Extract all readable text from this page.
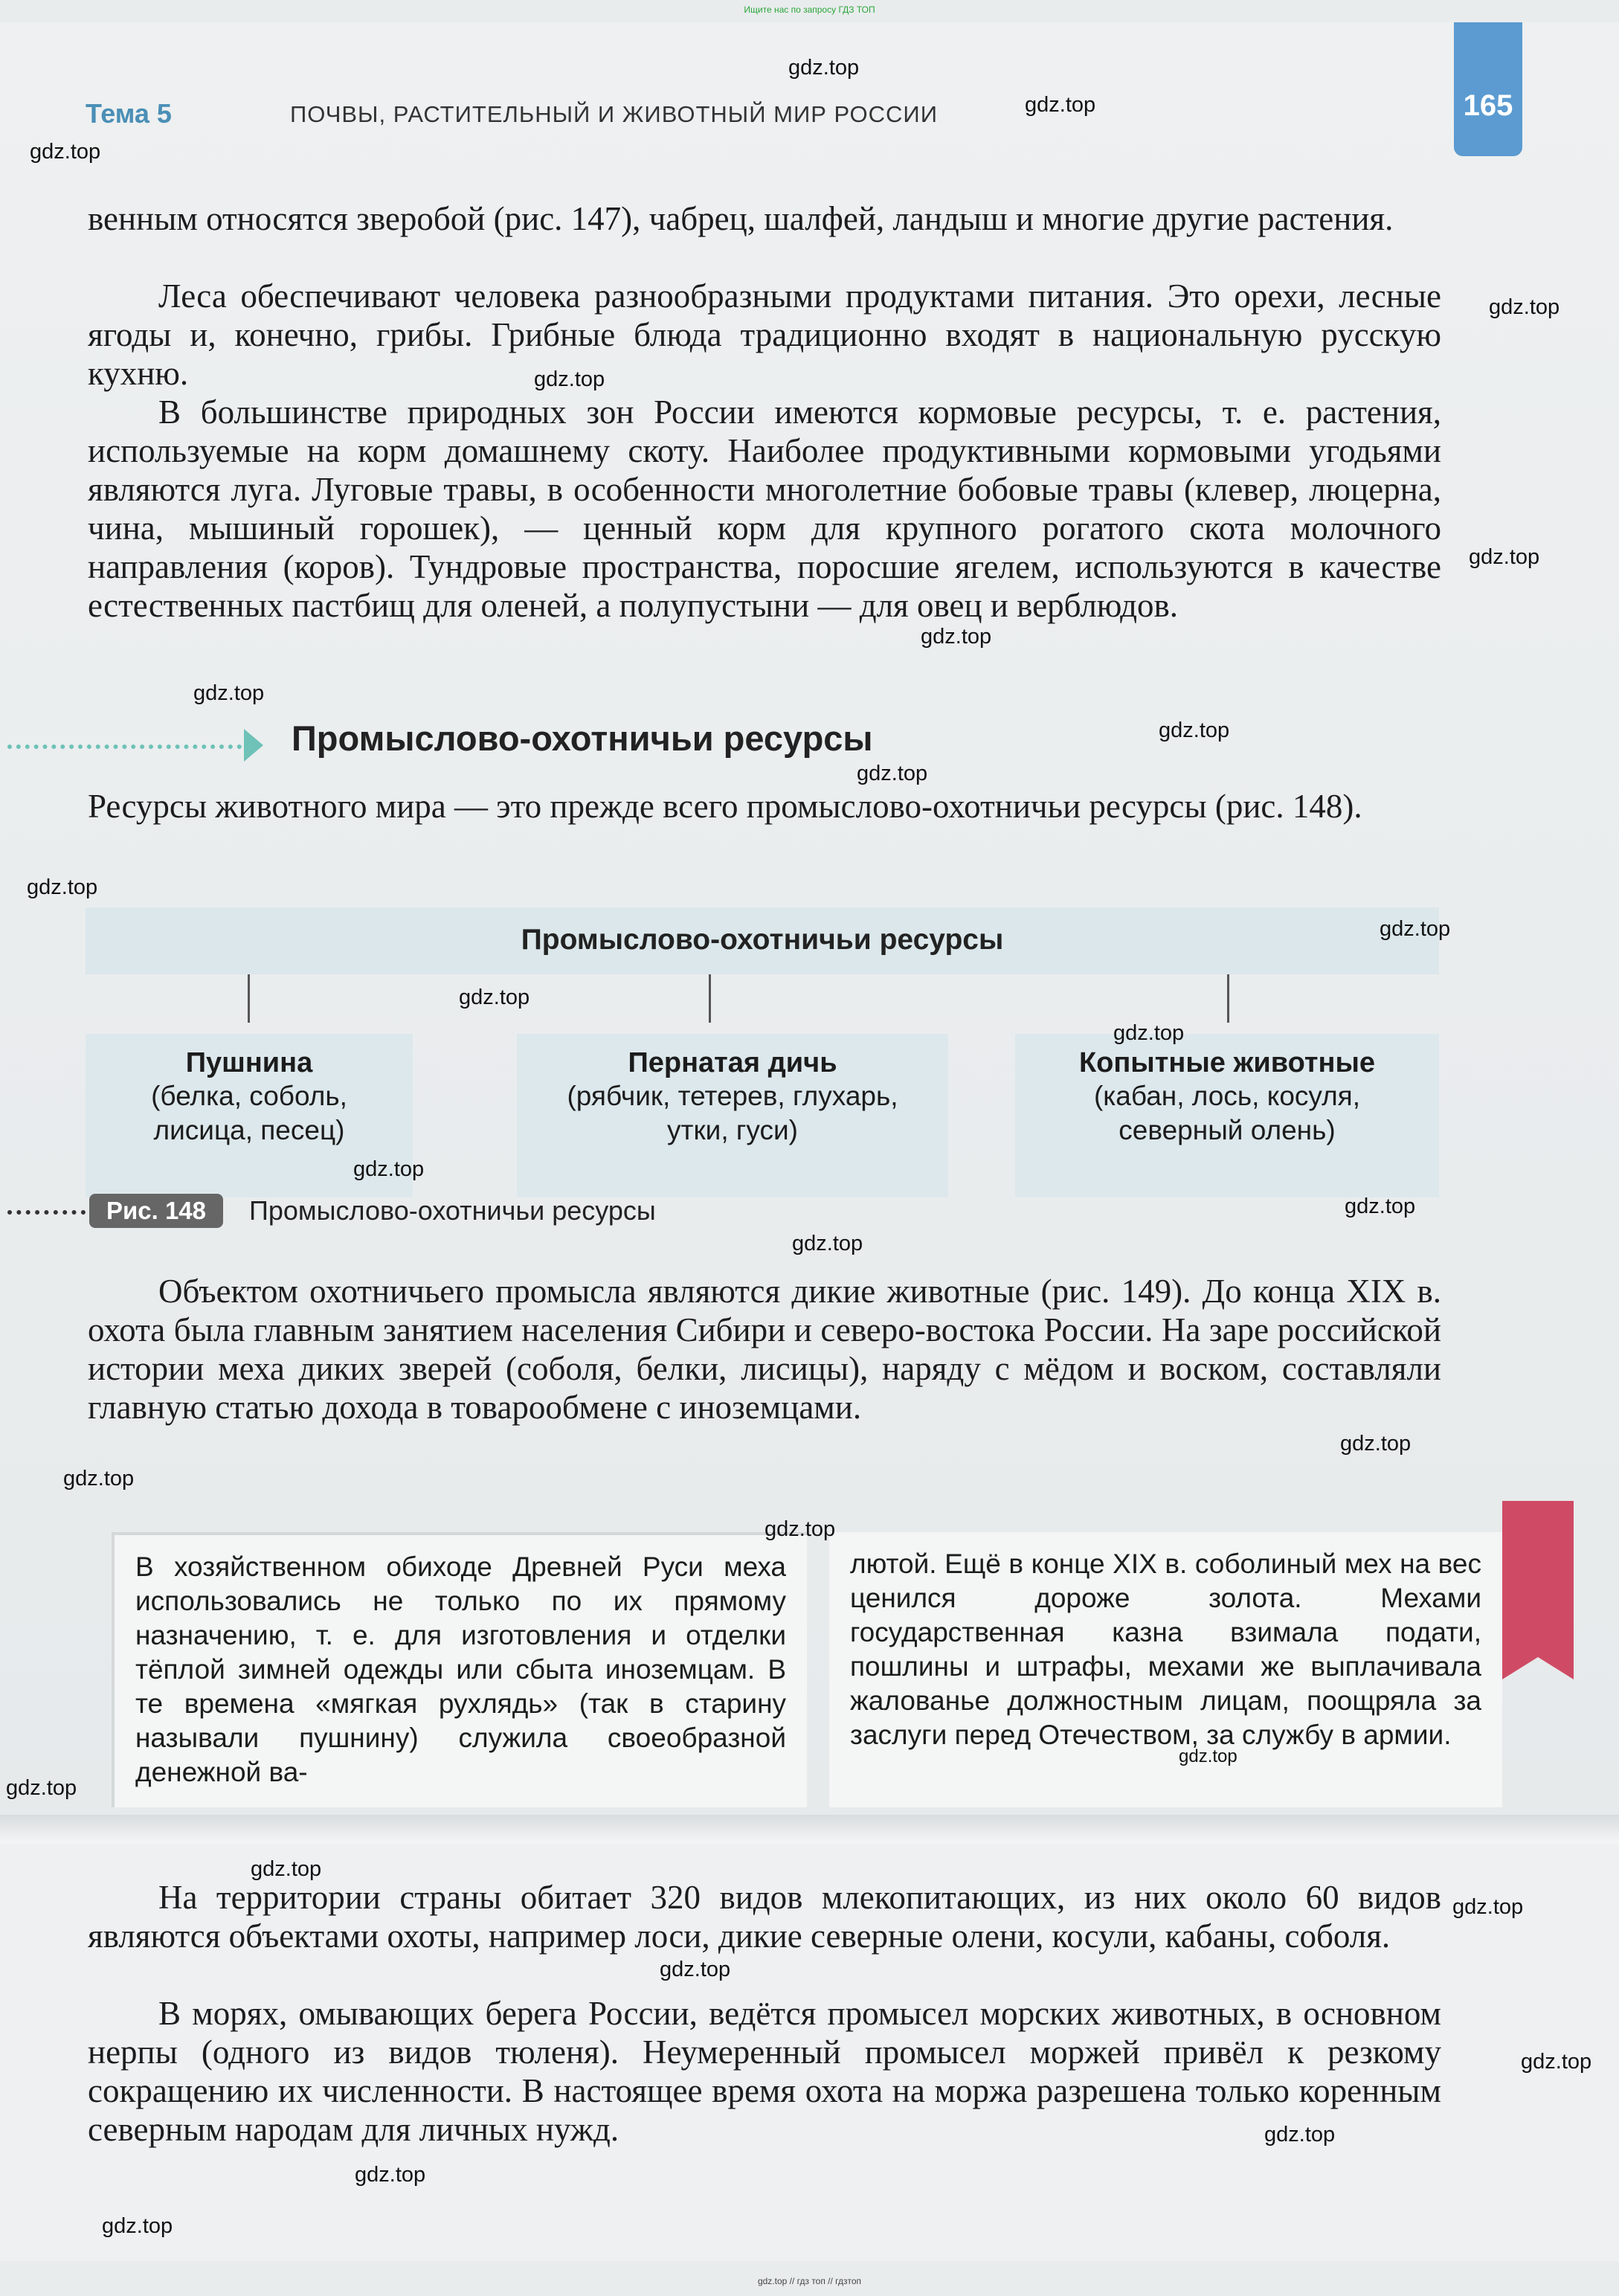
Ищите нас по запросу ГДЗ ТОП
165
Тема 5	ПОЧВЫ, РАСТИТЕЛЬНЫЙ И ЖИВОТНЫЙ МИР РОССИИ

венным относятся зверобой (рис. 147), чабрец, шалфей, ландыш и многие другие растения.

Леса обеспечивают человека разнообразными продуктами питания. Это орехи, лесные ягоды и, конечно, грибы. Грибные блюда традиционно входят в национальную русскую кухню.

В большинстве природных зон России имеются кормовые ресурсы, т. е. растения, используемые на корм домашнему скоту. Наиболее продуктивными кормовыми угодьями являются луга. Луговые травы, в особенности многолетние бобовые травы (клевер, люцерна, чина, мышиный горошек), — ценный корм для крупного рогатого скота молочного направления (коров). Тундровые пространства, поросшие ягелем, используются в качестве естественных пастбищ для оленей, а полупустыни — для овец и верблюдов.

Промыслово-охотничьи ресурсы

Ресурсы животного мира — это прежде всего промыслово-охотничьи ресурсы (рис. 148).

Промыслово-охотничьи ресурсы
Пушнина
(белка, соболь,
лисица, песец)
Пернатая дичь
(рябчик, тетерев, глухарь,
утки, гуси)
Копытные животные
(кабан, лось, косуля,
северный олень)
Рис. 148	Промыслово-охотничьи ресурсы

Объектом охотничьего промысла являются дикие животные (рис. 149). До конца XIX в. охота была главным занятием населения Сибири и северо-востока России. На заре российской истории меха диких зверей (соболя, белки, лисицы), наряду с мёдом и воском, составляли главную статью дохода в товарообмене с иноземцами.

В хозяйственном обиходе Древней Руси меха использовались не только по их прямому назначению, т. е. для изготовления и отделки тёплой зимней одежды или сбыта иноземцам. В те времена «мягкая рухлядь» (так в старину называли пушнину) служила своеобразной денежной ва-
лютой. Ещё в конце XIX в. соболиный мех на вес ценился дороже золота. Мехами государственная казна взимала подати, пошлины и штрафы, мехами же выплачивала жалованье должностным лицам, поощряла за заслуги перед Отечеством, за службу в армии.

На территории страны обитает 320 видов млекопитающих, из них около 60 видов являются объектами охоты, например лоси, дикие северные олени, косули, кабаны, соболя.

В морях, омывающих берега России, ведётся промысел морских животных, в основном нерпы (одного из видов тюленя). Неумеренный промысел моржей привёл к резкому сокращению их численности. В настоящее время охота на моржа разрешена только коренным северным народам для личных нужд.

gdz.top
gdz.top
gdz.top
gdz.top
gdz.top
gdz.top
gdz.top
gdz.top
gdz.top
gdz.top
gdz.top
gdz.top
gdz.top
gdz.top
gdz.top
gdz.top
gdz.top
gdz.top
gdz.top
gdz.top
gdz.top
gdz.top
gdz.top
gdz.top
gdz.top
gdz.top
gdz.top
gdz.top
gdz.top
gdz.top // гдз топ // гдзтоп
